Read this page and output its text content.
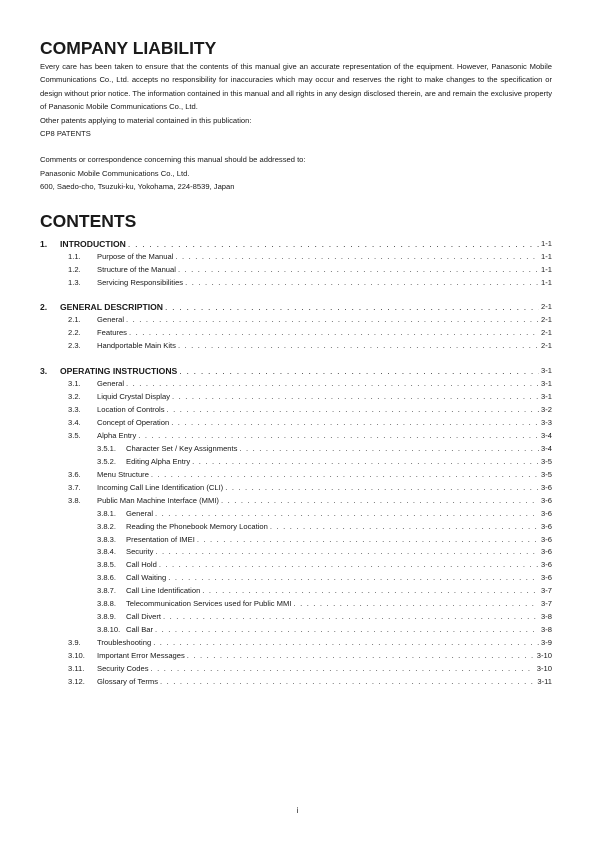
COMPANY LIABILITY

Every care has been taken to ensure that the contents of this manual give an accurate representation of the equipment. However, Panasonic Mobile Communications Co., Ltd. accepts no responsibility for inaccuracies which may occur and reserves the right to make changes to the specification or design without prior notice. The information contained in this manual and all rights in any design disclosed therein, are and remain the exclusive property of Panasonic Mobile Communications Co., Ltd.

Other patents applying to material contained in this publication:

CP8 PATENTS

Comments or correspondence concerning this manual should be addressed to:

Panasonic Mobile Communications Co., Ltd.

600, Saedo-cho, Tsuzuki-ku, Yokohama, 224-8539, Japan

CONTENTS
1.	INTRODUCTION . . .	1-1
1.1.	Purpose of the Manual . . .	1-1
1.2.	Structure of the Manual . . .	1-1
1.3.	Servicing Responsibilities . . .	1-1
2.	GENERAL DESCRIPTION . . .	2-1
2.1.	General . . .	2-1
2.2.	Features . . .	2-1
2.3.	Handportable Main Kits . . .	2-1
3.	OPERATING INSTRUCTIONS . . .	3-1
3.1.	General . . .	3-1
3.2.	Liquid Crystal Display . . .	3-1
3.3.	Location of Controls . . .	3-2
3.4.	Concept of Operation . . .	3-3
3.5.	Alpha Entry . . .	3-4
3.5.1.	Character Set / Key Assignments . . .	3-4
3.5.2.	Editing Alpha Entry . . .	3-5
3.6.	Menu Structure . . .	3-5
3.7.	Incoming Call Line Identification (CLI) . . .	3-6
3.8.	Public Man Machine Interface (MMI) . . .	3-6
3.8.1.	General . . .	3-6
3.8.2.	Reading the Phonebook Memory Location . . .	3-6
3.8.3.	Presentation of IMEI . . .	3-6
3.8.4.	Security . . .	3-6
3.8.5.	Call Hold . . .	3-6
3.8.6.	Call Waiting . . .	3-6
3.8.7.	Call Line Identification . . .	3-7
3.8.8.	Telecommunication Services used for Public MMI . . .	3-7
3.8.9.	Call Divert . . .	3-8
3.8.10. Call Bar . . .	3-8
3.9.	Troubleshooting . . .	3-9
3.10.	Important Error Messages . . .	3-10
3.11.	Security Codes . . .	3-10
3.12.	Glossary of Terms . . .	3-11
i
